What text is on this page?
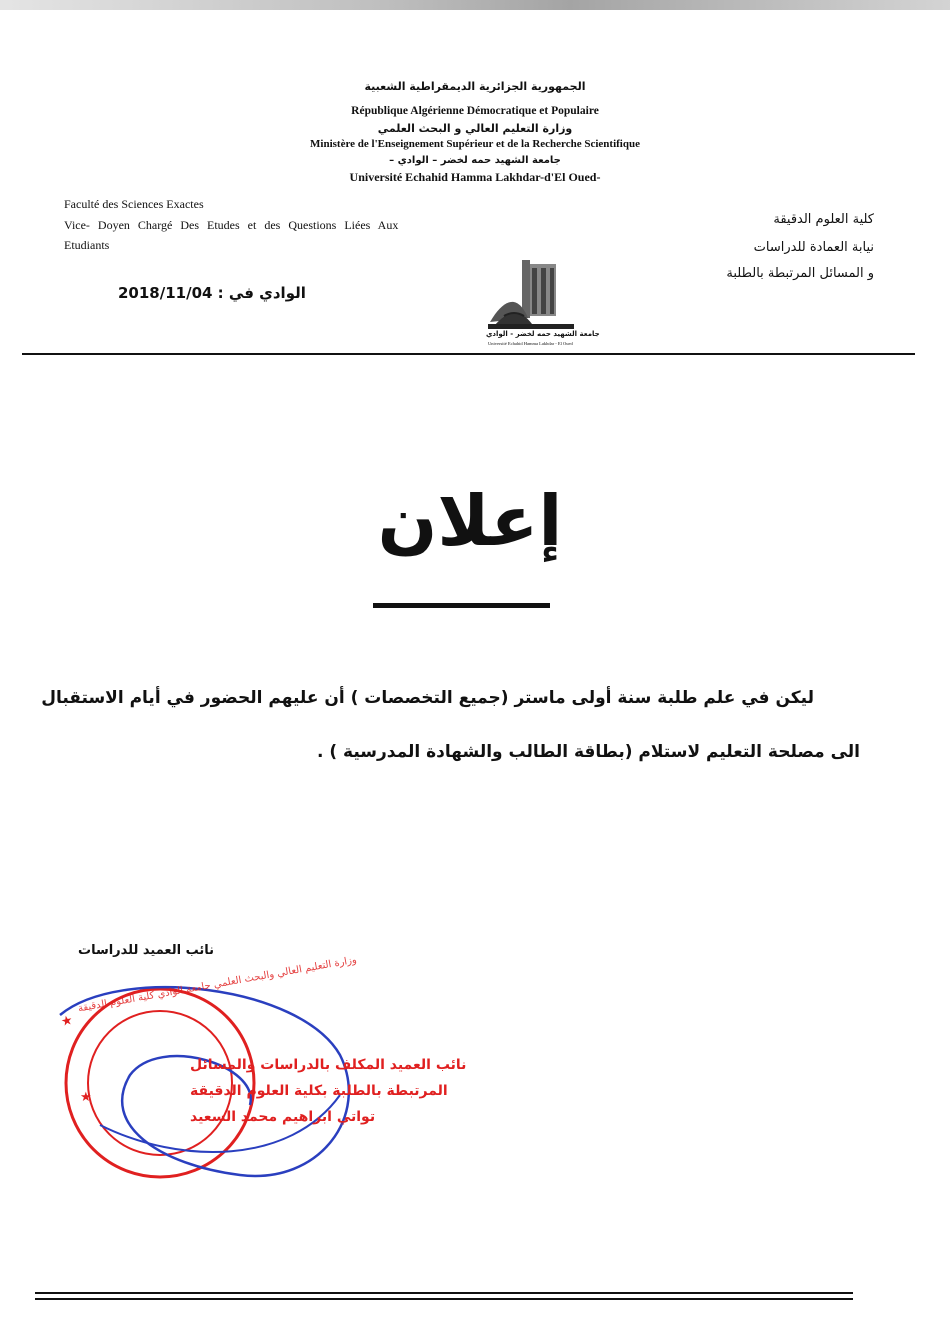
الجمهورية الجزائرية الديمقراطية الشعبية
République Algérienne Démocratique et Populaire
وزارة التعليم العالي و البحث العلمي
Ministère de l'Enseignement Supérieur et de la Recherche Scientifique
جامعة الشهيد حمه لخضر – الوادي –
Université Echahid Hamma Lakhdar-d'El Oued-
Faculté des Sciences Exactes
Vice- Doyen Chargé Des Etudes et des Questions Liées Aux
Etudiants
كلية العلوم الدقيقة
نيابة العمادة للدراسات
و المسائل المرتبطة بالطلبة
الوادي في : 2018/11/04
جامعة الشهيد حمه لخضر - الوادي
Université Echahid Hamma Lakhdar - El Oued
إعلان
ليكن في علم طلبة سنة أولى ماستر (جميع التخصصات ) أن عليهم الحضور في أيام الاستقبال
الى مصلحة التعليم لاستلام (بطاقة الطالب والشهادة المدرسية ) .
نائب العميد للدراسات
★
★
وزارة التعليم العالي والبحث العلمي جامعة الوادي كلية العلوم الدقيقة
نائب العميد المكلف بالدراسات والمسائل
المرتبطة بالطلبة بكلية العلوم الدقيقة
تواتي ابراهيم محمد السعيد
